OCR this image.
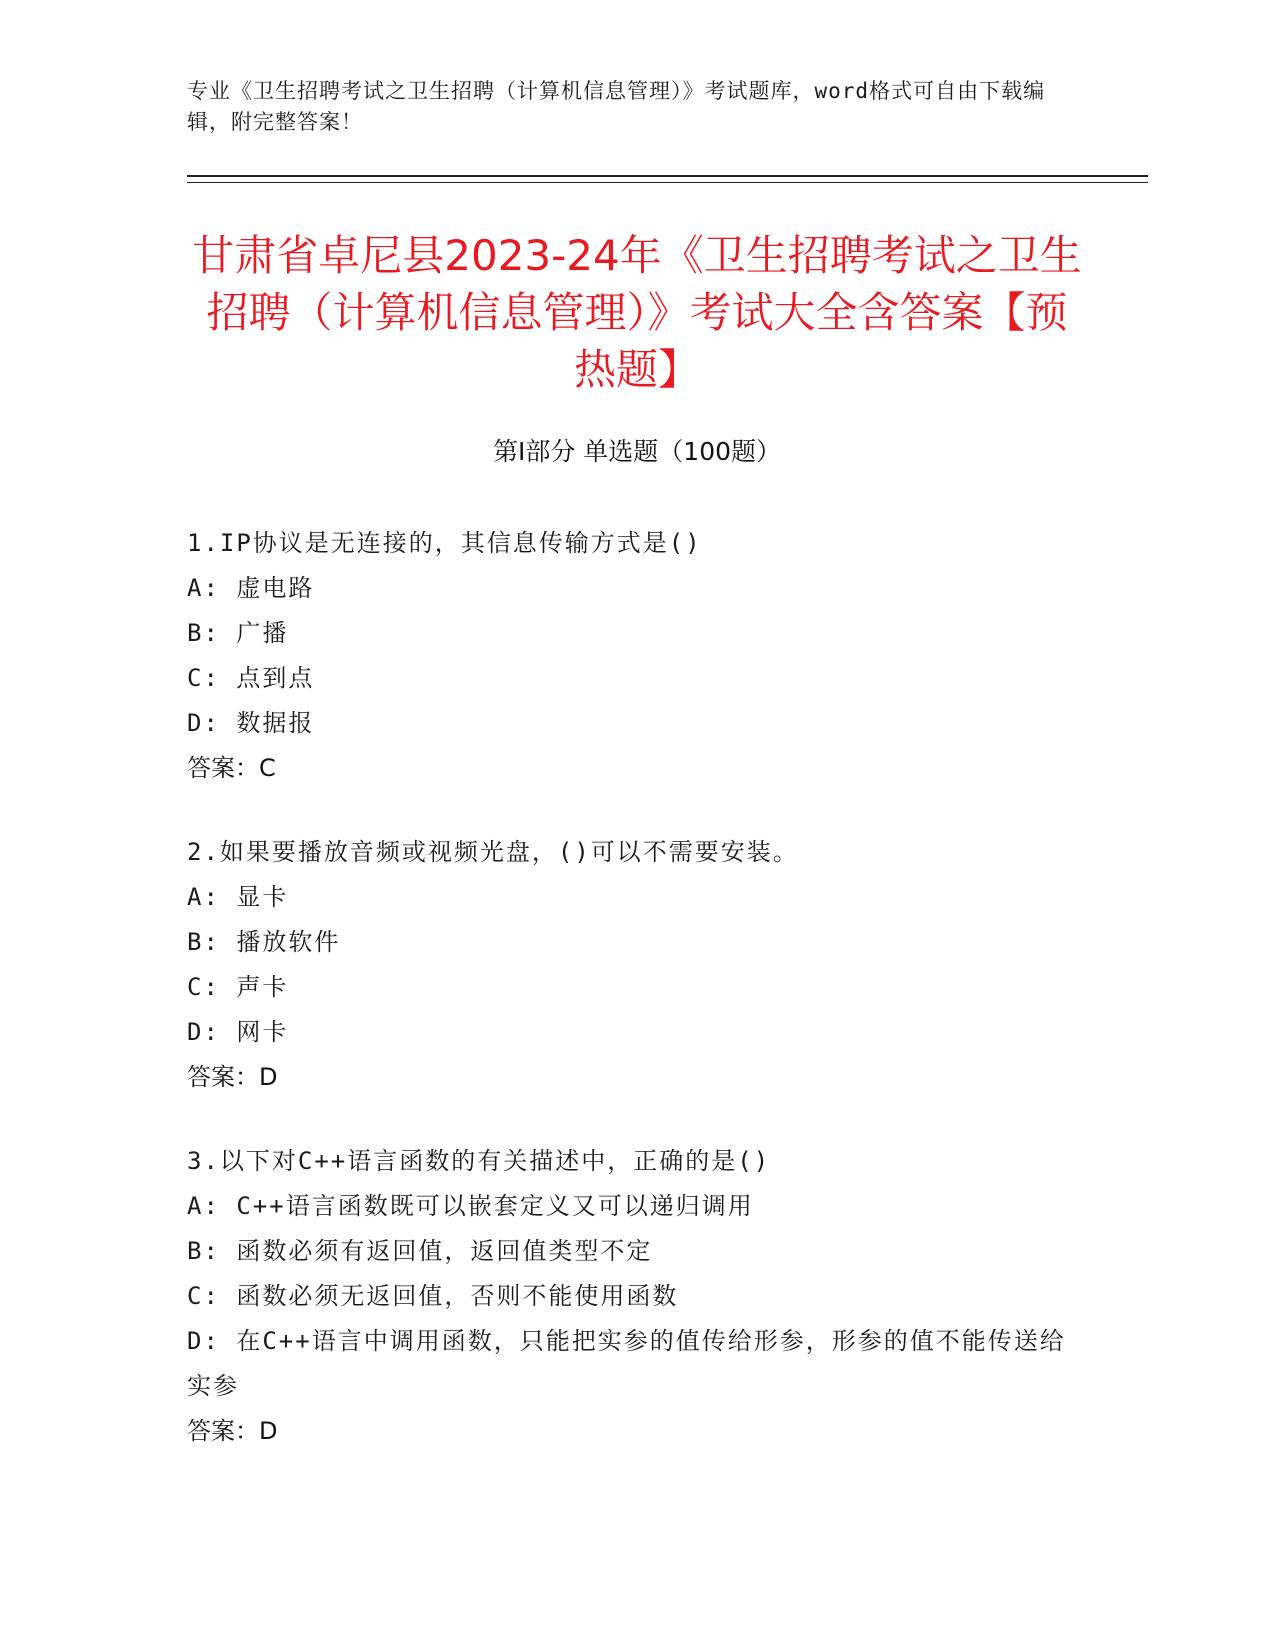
专业《卫生招聘考试之卫生招聘（计算机信息管理）》考试题库，word格式可自由下载编辑，附完整答案！
甘肃省卓尼县2023-24年《卫生招聘考试之卫生招聘（计算机信息管理）》考试大全含答案【预热题】
第I部分 单选题（100题）
1.IP协议是无连接的，其信息传输方式是()
A: 虚电路
B: 广播
C: 点到点
D: 数据报
答案：C
2.如果要播放音频或视频光盘，()可以不需要安装。
A: 显卡
B: 播放软件
C: 声卡
D: 网卡
答案：D
3.以下对C++语言函数的有关描述中，正确的是()
A: C++语言函数既可以嵌套定义又可以递归调用
B: 函数必须有返回值，返回值类型不定
C: 函数必须无返回值，否则不能使用函数
D: 在C++语言中调用函数，只能把实参的值传给形参，形参的值不能传送给实参
答案：D
